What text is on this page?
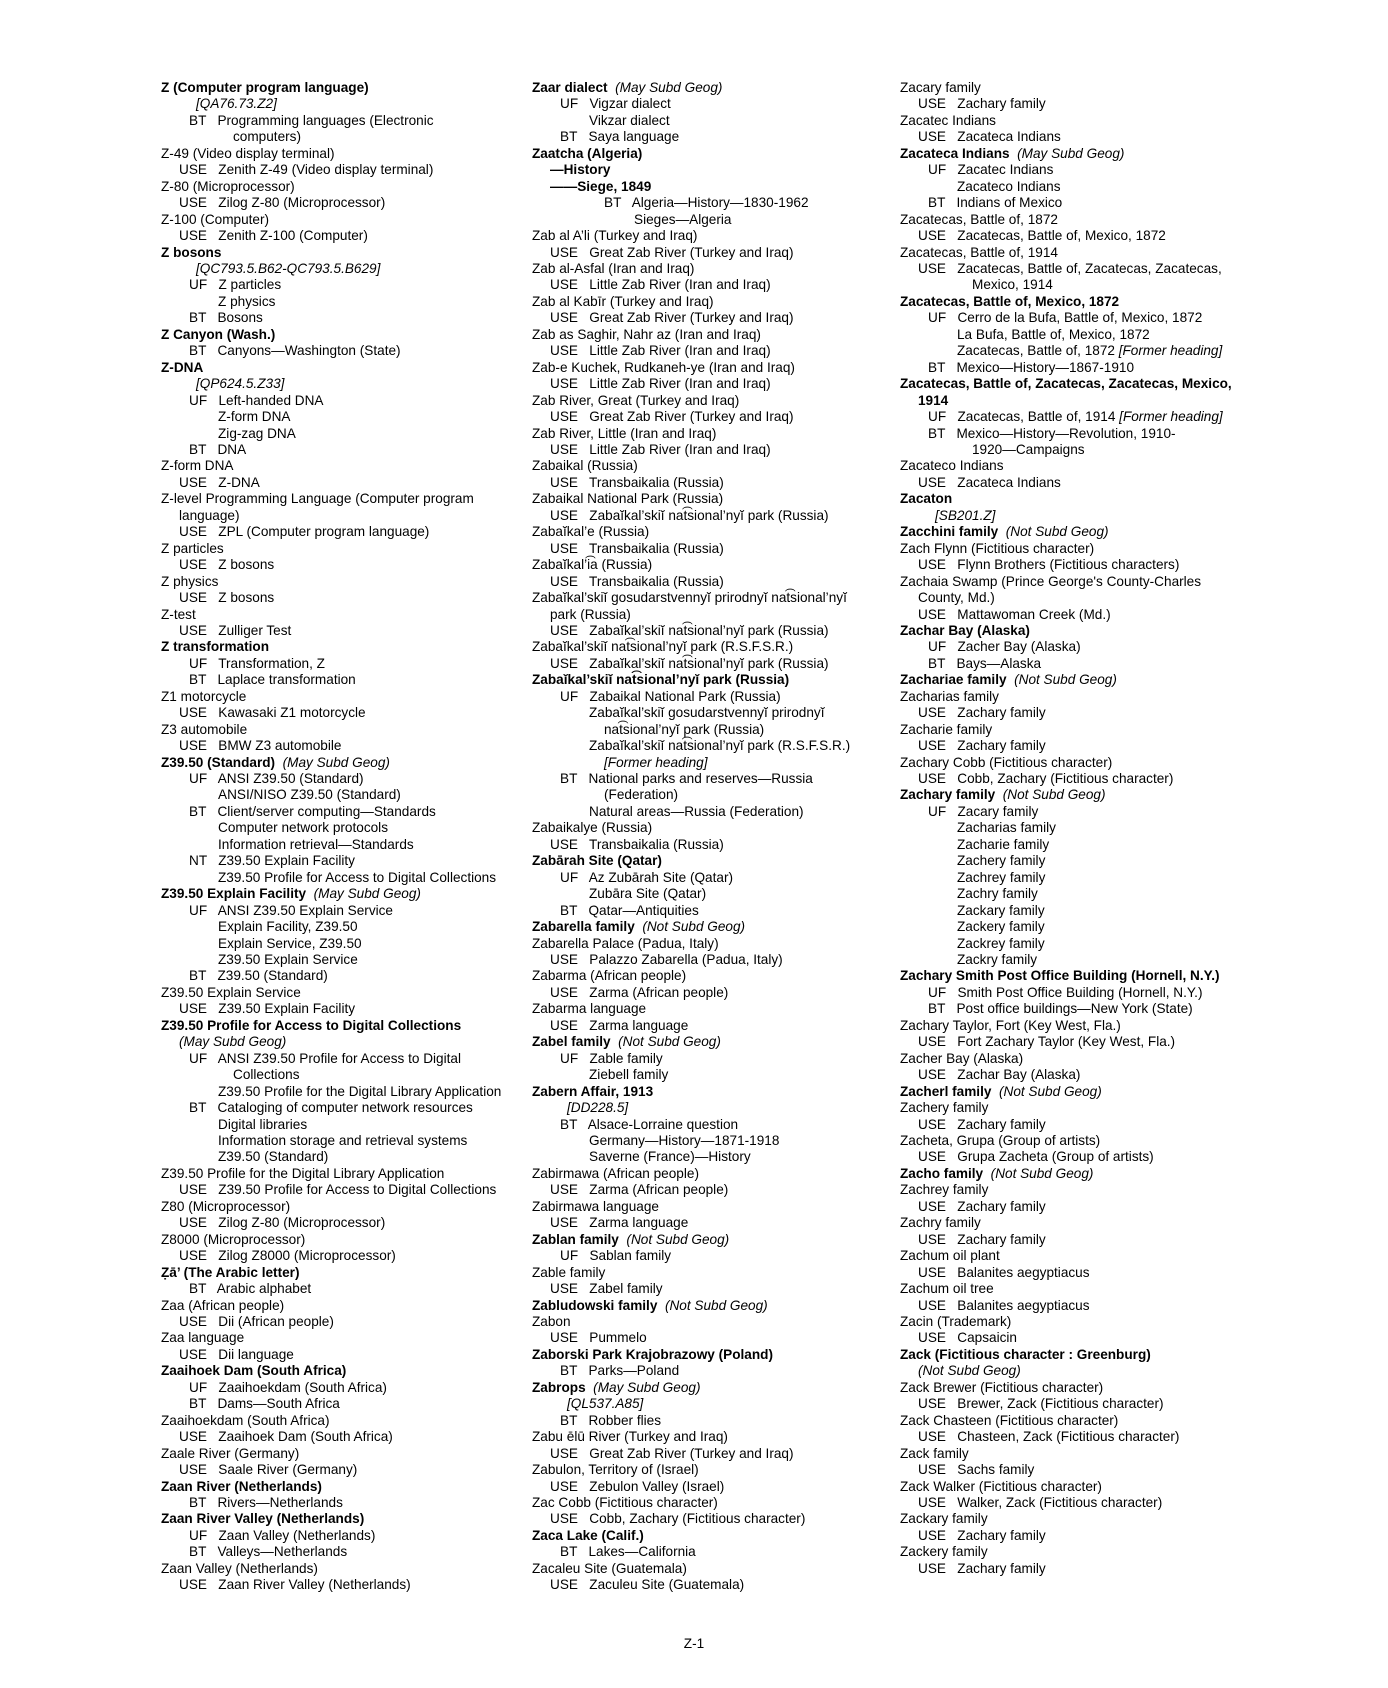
Z (Computer program language)
[QA76.73.Z2]
BT   Programming languages (Electronic
computers)
Z-49 (Video display terminal)
USE   Zenith Z-49 (Video display terminal)
Z-80 (Microprocessor)
USE   Zilog Z-80 (Microprocessor)
Z-100 (Computer)
USE   Zenith Z-100 (Computer)
Z bosons
[QC793.5.B62-QC793.5.B629]
UF   Z particles
Z physics
BT   Bosons
Z Canyon (Wash.)
BT   Canyons—Washington (State)
Z-DNA
[QP624.5.Z33]
UF   Left-handed DNA
Z-form DNA
Zig-zag DNA
BT   DNA
Z-form DNA
USE   Z-DNA
Z-level Programming Language (Computer program
language)
USE   ZPL (Computer program language)
Z particles
USE   Z bosons
Z physics
USE   Z bosons
Z-test
USE   Zulliger Test
Z transformation
UF   Transformation, Z
BT   Laplace transformation
Z1 motorcycle
USE   Kawasaki Z1 motorcycle
Z3 automobile
USE   BMW Z3 automobile
Z39.50 (Standard)  (May Subd Geog)
UF   ANSI Z39.50 (Standard)
ANSI/NISO Z39.50 (Standard)
BT   Client/server computing—Standards
Computer network protocols
Information retrieval—Standards
NT   Z39.50 Explain Facility
Z39.50 Profile for Access to Digital Collections
Z39.50 Explain Facility  (May Subd Geog)
UF   ANSI Z39.50 Explain Service
Explain Facility, Z39.50
Explain Service, Z39.50
Z39.50 Explain Service
BT   Z39.50 (Standard)
Z39.50 Explain Service
USE   Z39.50 Explain Facility
Z39.50 Profile for Access to Digital Collections
(May Subd Geog)
UF   ANSI Z39.50 Profile for Access to Digital
Collections
Z39.50 Profile for the Digital Library Application
BT   Cataloging of computer network resources
Digital libraries
Information storage and retrieval systems
Z39.50 (Standard)
Z39.50 Profile for the Digital Library Application
USE   Z39.50 Profile for Access to Digital Collections
Z80 (Microprocessor)
USE   Zilog Z-80 (Microprocessor)
Z8000 (Microprocessor)
USE   Zilog Z8000 (Microprocessor)
Ẓā’ (The Arabic letter)
BT   Arabic alphabet
Zaa (African people)
USE   Dii (African people)
Zaa language
USE   Dii language
Zaaihoek Dam (South Africa)
UF   Zaaihoekdam (South Africa)
BT   Dams—South Africa
Zaaihoekdam (South Africa)
USE   Zaaihoek Dam (South Africa)
Zaale River (Germany)
USE   Saale River (Germany)
Zaan River (Netherlands)
BT   Rivers—Netherlands
Zaan River Valley (Netherlands)
UF   Zaan Valley (Netherlands)
BT   Valleys—Netherlands
Zaan Valley (Netherlands)
USE   Zaan River Valley (Netherlands)
Zaar dialect  (May Subd Geog)
UF   Vigzar dialect
Vikzar dialect
BT   Saya language
Zaatcha (Algeria)
—History
——Siege, 1849
BT   Algeria—History—1830-1962
Sieges—Algeria
Zab al A’li (Turkey and Iraq)
USE   Great Zab River (Turkey and Iraq)
Zab al-Asfal (Iran and Iraq)
USE   Little Zab River (Iran and Iraq)
Zab al Kabīr (Turkey and Iraq)
USE   Great Zab River (Turkey and Iraq)
Zab as Saghir, Nahr az (Iran and Iraq)
USE   Little Zab River (Iran and Iraq)
Zab-e Kuchek, Rudkaneh-ye (Iran and Iraq)
USE   Little Zab River (Iran and Iraq)
Zab River, Great (Turkey and Iraq)
USE   Great Zab River (Turkey and Iraq)
Zab River, Little (Iran and Iraq)
USE   Little Zab River (Iran and Iraq)
Zabaikal (Russia)
USE   Transbaikalia (Russia)
Zabaikal National Park (Russia)
USE   Zabaĭkal’skiĭ nat͡sional’nyĭ park (Russia)
Zabaĭkal’e (Russia)
USE   Transbaikalia (Russia)
Zabaĭkal’i͡a (Russia)
USE   Transbaikalia (Russia)
Zabaĭkal’skiĭ gosudarstvennyĭ prirodnyĭ nat͡sional’nyĭ
park (Russia)
USE   Zabaĭkal’skiĭ nat͡sional’nyĭ park (Russia)
Zabaĭkal’skiĭ nat͡sional’nyĭ park (R.S.F.S.R.)
USE   Zabaĭkal’skiĭ nat͡sional’nyĭ park (Russia)
Zabaĭkal’skiĭ nat͡sional’nyĭ park (Russia)
UF   Zabaikal National Park (Russia)
Zabaĭkal’skiĭ gosudarstvennyĭ prirodnyĭ
nat͡sional’nyĭ park (Russia)
Zabaĭkal’skiĭ nat͡sional’nyĭ park (R.S.F.S.R.)
[Former heading]
BT   National parks and reserves—Russia
(Federation)
Natural areas—Russia (Federation)
Zabaikalye (Russia)
USE   Transbaikalia (Russia)
Zabārah Site (Qatar)
UF   Az Zubārah Site (Qatar)
Zubāra Site (Qatar)
BT   Qatar—Antiquities
Zabarella family  (Not Subd Geog)
Zabarella Palace (Padua, Italy)
USE   Palazzo Zabarella (Padua, Italy)
Zabarma (African people)
USE   Zarma (African people)
Zabarma language
USE   Zarma language
Zabel family  (Not Subd Geog)
UF   Zable family
Ziebell family
Zabern Affair, 1913
[DD228.5]
BT   Alsace-Lorraine question
Germany—History—1871-1918
Saverne (France)—History
Zabirmawa (African people)
USE   Zarma (African people)
Zabirmawa language
USE   Zarma language
Zablan family  (Not Subd Geog)
UF   Sablan family
Zable family
USE   Zabel family
Zabludowski family  (Not Subd Geog)
Zabon
USE   Pummelo
Zaborski Park Krajobrazowy (Poland)
BT   Parks—Poland
Zabrops  (May Subd Geog)
[QL537.A85]
BT   Robber flies
Zabu ēlū River (Turkey and Iraq)
USE   Great Zab River (Turkey and Iraq)
Zabulon, Territory of (Israel)
USE   Zebulon Valley (Israel)
Zac Cobb (Fictitious character)
USE   Cobb, Zachary (Fictitious character)
Zaca Lake (Calif.)
BT   Lakes—California
Zacaleu Site (Guatemala)
USE   Zaculeu Site (Guatemala)
Zacary family
USE   Zachary family
Zacatec Indians
USE   Zacateca Indians
Zacateca Indians  (May Subd Geog)
UF   Zacatec Indians
Zacateco Indians
BT   Indians of Mexico
Zacatecas, Battle of, 1872
USE   Zacatecas, Battle of, Mexico, 1872
Zacatecas, Battle of, 1914
USE   Zacatecas, Battle of, Zacatecas, Zacatecas,
Mexico, 1914
Zacatecas, Battle of, Mexico, 1872
UF   Cerro de la Bufa, Battle of, Mexico, 1872
La Bufa, Battle of, Mexico, 1872
Zacatecas, Battle of, 1872 [Former heading]
BT   Mexico—History—1867-1910
Zacatecas, Battle of, Zacatecas, Zacatecas, Mexico,
1914
UF   Zacatecas, Battle of, 1914 [Former heading]
BT   Mexico—History—Revolution, 1910-
1920—Campaigns
Zacateco Indians
USE   Zacateca Indians
Zacaton
[SB201.Z]
Zacchini family  (Not Subd Geog)
Zach Flynn (Fictitious character)
USE   Flynn Brothers (Fictitious characters)
Zachaia Swamp (Prince George's County-Charles
County, Md.)
USE   Mattawoman Creek (Md.)
Zachar Bay (Alaska)
UF   Zacher Bay (Alaska)
BT   Bays—Alaska
Zachariae family  (Not Subd Geog)
Zacharias family
USE   Zachary family
Zacharie family
USE   Zachary family
Zachary Cobb (Fictitious character)
USE   Cobb, Zachary (Fictitious character)
Zachary family  (Not Subd Geog)
UF   Zacary family
Zacharias family
Zacharie family
Zachery family
Zachrey family
Zachry family
Zackary family
Zackery family
Zackrey family
Zackry family
Zachary Smith Post Office Building (Hornell, N.Y.)
UF   Smith Post Office Building (Hornell, N.Y.)
BT   Post office buildings—New York (State)
Zachary Taylor, Fort (Key West, Fla.)
USE   Fort Zachary Taylor (Key West, Fla.)
Zacher Bay (Alaska)
USE   Zachar Bay (Alaska)
Zacherl family  (Not Subd Geog)
Zachery family
USE   Zachary family
Zacheta, Grupa (Group of artists)
USE   Grupa Zacheta (Group of artists)
Zacho family  (Not Subd Geog)
Zachrey family
USE   Zachary family
Zachry family
USE   Zachary family
Zachum oil plant
USE   Balanites aegyptiacus
Zachum oil tree
USE   Balanites aegyptiacus
Zacin (Trademark)
USE   Capsaicin
Zack (Fictitious character : Greenburg)
(Not Subd Geog)
Zack Brewer (Fictitious character)
USE   Brewer, Zack (Fictitious character)
Zack Chasteen (Fictitious character)
USE   Chasteen, Zack (Fictitious character)
Zack family
USE   Sachs family
Zack Walker (Fictitious character)
USE   Walker, Zack (Fictitious character)
Zackary family
USE   Zachary family
Zackery family
USE   Zachary family
Z-1
